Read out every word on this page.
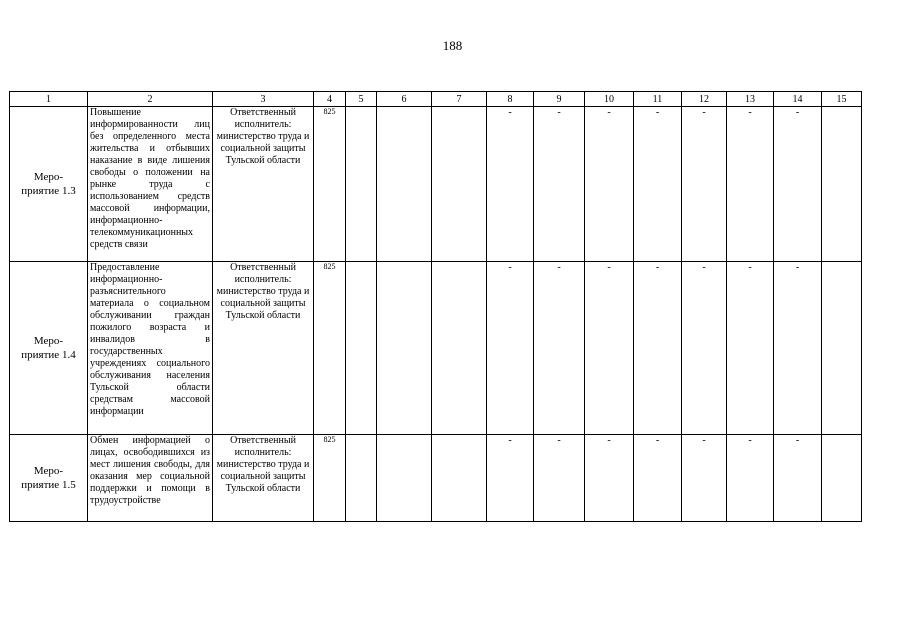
188
1	2	3	4	5	6	7	8	9	10	11	12	13	14	15
Меро-
приятие 1.3	Повышение информированности лиц без определенного места жительства и отбывших наказание в виде лишения свободы о положении на рынке труда с использованием средств массовой информации, информационно-телекоммуникационных средств связи	Ответственный исполнитель: министерство труда и социальной защиты Тульской области	825				-	-	-	-	-	-	-	
Меро-
приятие 1.4	Предоставление информационно-разъяснительного материала о социальном обслуживании граждан пожилого возраста и инвалидов в государственных учреждениях социального обслуживания населения Тульской области средствам массовой информации	Ответственный исполнитель: министерство труда и социальной защиты Тульской области	825				-	-	-	-	-	-	-	
Меро-
приятие 1.5	Обмен информацией о лицах, освободившихся из мест лишения свободы, для оказания мер социальной поддержки и помощи в трудоустройстве	Ответственный исполнитель: министерство труда и социальной защиты Тульской области	825				-	-	-	-	-	-	-	
